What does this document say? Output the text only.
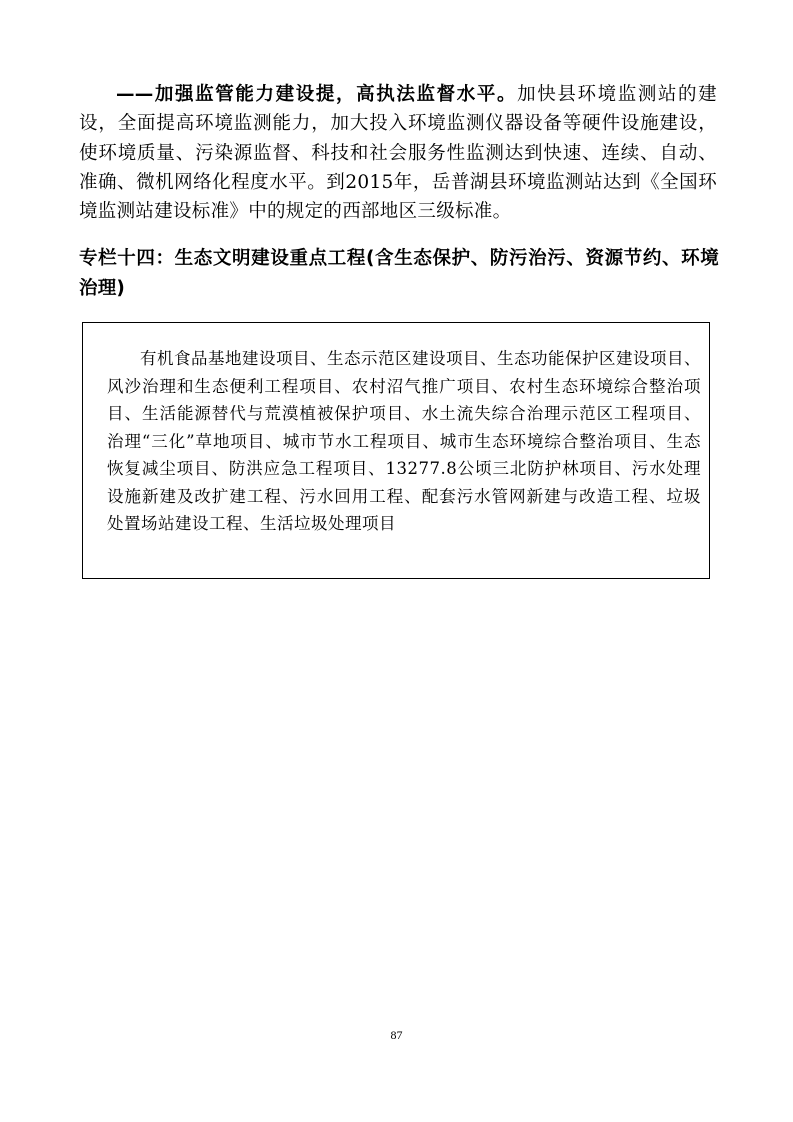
——加强监管能力建设提，高执法监督水平。加快县环境监测站的建设，全面提高环境监测能力，加大投入环境监测仪器设备等硬件设施建设，使环境质量、污染源监督、科技和社会服务性监测达到快速、连续、自动、准确、微机网络化程度水平。到2015年，岳普湖县环境监测站达到《全国环境监测站建设标准》中的规定的西部地区三级标准。

专栏十四：生态文明建设重点工程(含生态保护、防污治污、资源节约、环境治理)

有机食品基地建设项目、生态示范区建设项目、生态功能保护区建设项目、风沙治理和生态便利工程项目、农村沼气推广项目、农村生态环境综合整治项目、生活能源替代与荒漠植被保护项目、水土流失综合治理示范区工程项目、治理“三化”草地项目、城市节水工程项目、城市生态环境综合整治项目、生态恢复减尘项目、防洪应急工程项目、13277.8公顷三北防护林项目、污水处理设施新建及改扩建工程、污水回用工程、配套污水管网新建与改造工程、垃圾处置场站建设工程、生活垃圾处理项目

87
